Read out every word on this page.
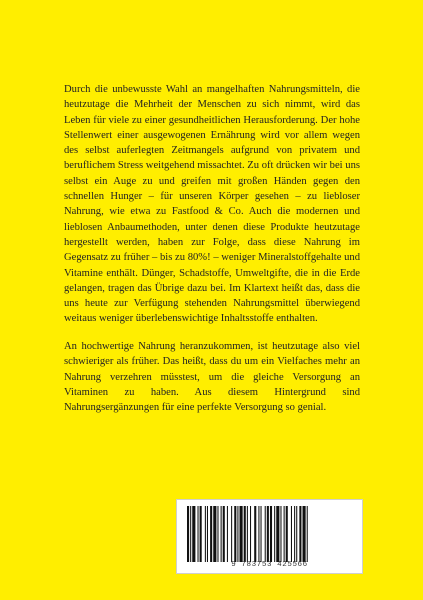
Durch die unbewusste Wahl an mangelhaften Nahrungsmitteln, die heutzutage die Mehrheit der Menschen zu sich nimmt, wird das Leben für viele zu einer gesundheitlichen Herausforderung. Der hohe Stellenwert einer ausgewogenen Ernährung wird vor allem wegen des selbst auferlegten Zeitmangels aufgrund von privatem und beruflichem Stress weitgehend missachtet. Zu oft drücken wir bei uns selbst ein Auge zu und greifen mit großen Händen gegen den schnellen Hunger – für unseren Körper gesehen – zu liebloser Nahrung, wie etwa zu Fastfood & Co. Auch die modernen und lieblosen Anbaumethoden, unter denen diese Produkte heutzutage hergestellt werden, haben zur Folge, dass diese Nahrung im Gegensatz zu früher – bis zu 80%! – weniger Mineralstoffgehalte und Vitamine enthält. Dünger, Schadstoffe, Umweltgifte, die in die Erde gelangen, tragen das Übrige dazu bei. Im Klartext heißt das, dass die uns heute zur Verfügung stehenden Nahrungsmittel überwiegend weitaus weniger überlebenswichtige Inhaltsstoffe enthalten.

An hochwertige Nahrung heranzukommen, ist heutzutage also viel schwieriger als früher. Das heißt, dass du um ein Vielfaches mehr an Nahrung verzehren müsstest, um die gleiche Versorgung an Vitaminen zu haben. Aus diesem Hintergrund sind Nahrungsergänzungen für eine perfekte Versorgung so genial.

9 783753 425566
